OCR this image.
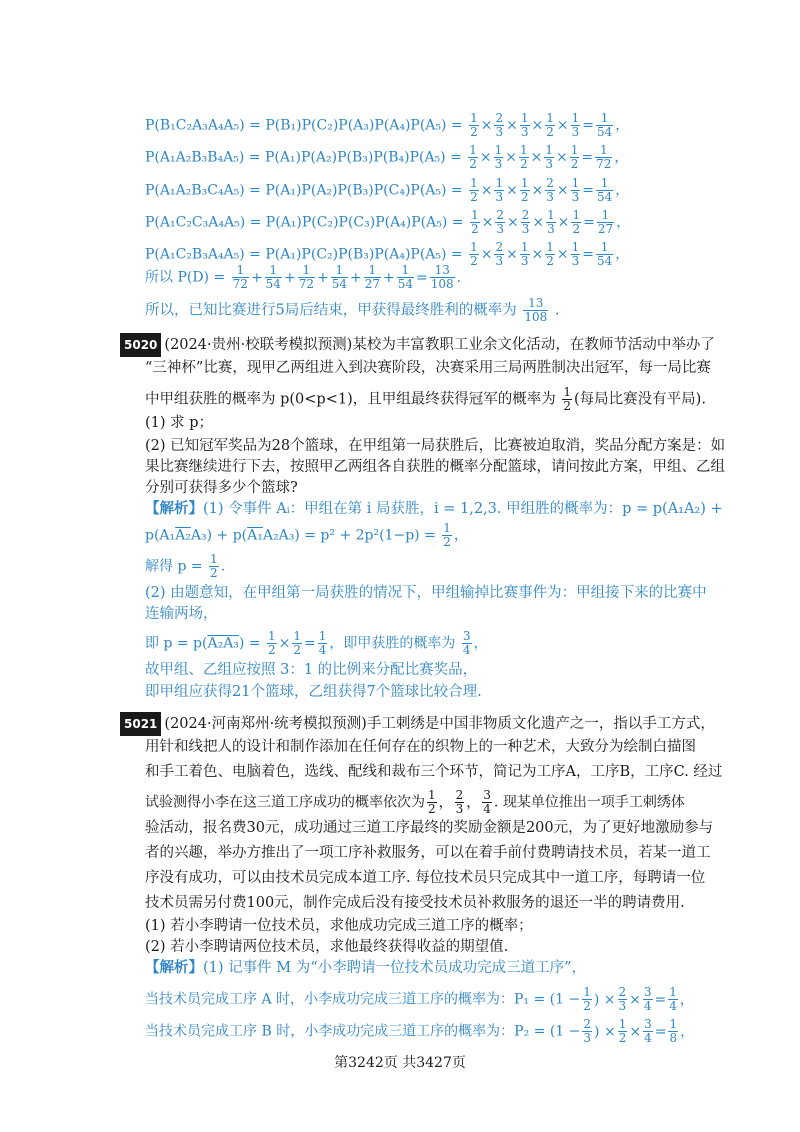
$P(B_1C_2A_3A_4A_5) = P(B_1)P(C_2)P(A_3)P(A_4)P(A_5) = \frac{1}{2} \times \frac{2}{3} \times \frac{1}{3} \times \frac{1}{2} \times \frac{1}{3} = \frac{1}{54}$ ，
$P(A_1A_2B_3B_4A_5) = P(A_1)P(A_2)P(B_3)P(B_4)P(A_5) = \frac{1}{2} \times \frac{1}{3} \times \frac{1}{2} \times \frac{1}{3} \times \frac{1}{2} = \frac{1}{72}$ ，
$P(A_1A_2B_3C_4A_5) = P(A_1)P(A_2)P(B_3)P(C_4)P(A_5) = \frac{1}{2} \times \frac{1}{3} \times \frac{1}{2} \times \frac{2}{3} \times \frac{1}{3} = \frac{1}{54}$ ，
$P(A_1C_2C_3A_4A_5) = P(A_1)P(C_2)P(C_3)P(A_4)P(A_5) = \frac{1}{2} \times \frac{2}{3} \times \frac{2}{3} \times \frac{1}{3} \times \frac{1}{2} = \frac{1}{27}$ ，
$P(A_1C_2B_3A_4A_5) = P(A_1)P(C_2)P(B_3)P(A_4)P(A_5) = \frac{1}{2} \times \frac{2}{3} \times \frac{1}{3} \times \frac{1}{2} \times \frac{1}{3} = \frac{1}{54}$ ，
所以 $P(D) = \frac{1}{72} + \frac{1}{54} + \frac{1}{72} + \frac{1}{54} + \frac{1}{27} + \frac{1}{54} = \frac{13}{108}$ .
所以，已知比赛进行5局后结束，甲获得最终胜利的概率为 $\frac{13}{108}$ .
5020 (2024·贵州·校联考模拟预测)某校为丰富教职工业余文化活动，在教师节活动中举办了
“三神杯”比赛，现甲乙两组进入到决赛阶段，决赛采用三局两胜制决出冠军，每一局比赛
中甲组获胜的概率为 p(0<p<1)，且甲组最终获得冠军的概率为 $\frac{1}{2}$ (每局比赛没有平局).
(1) 求 p；
(2) 已知冠军奖品为28个篮球，在甲组第一局获胜后，比赛被迫取消，奖品分配方案是：如
果比赛继续进行下去，按照甲乙两组各自获胜的概率分配篮球，请问按此方案，甲组、乙组
分别可获得多少个篮球?
【解析】(1) 令事件 Aᵢ：甲组在第 i 局获胜，i = 1,2,3. 甲组胜的概率为：p = p(A₁A₂) +
$p(A_1A_2A_3) + p(A_1A_2A_3) = p^2 + 2p^2(1-p) = \frac{1}{2}$ ，
解得 $p = \frac{1}{2}$ .
(2) 由题意知，在甲组第一局获胜的情况下，甲组输掉比赛事件为：甲组接下来的比赛中
连输两场，
即 $p = p(A_2A_3) = \frac{1}{2} \times \frac{1}{2} = \frac{1}{4}$ ，即甲获胜的概率为 $\frac{3}{4}$ ，
故甲组、乙组应按照 3：1 的比例来分配比赛奖品，
即甲组应获得21个篮球，乙组获得7个篮球比较合理.
5021 (2024·河南郑州·统考模拟预测)手工刺绣是中国非物质文化遗产之一，指以手工方式，
用针和线把人的设计和制作添加在任何存在的织物上的一种艺术，大致分为绘制白描图
和手工着色、电脑着色，选线、配线和裁布三个环节，简记为工序A，工序B，工序C. 经过
试验测得小李在这三道工序成功的概率依次为 $\frac{1}{2}$ ， $\frac{2}{3}$ ， $\frac{3}{4}$ . 现某单位推出一项手工刺绣体
验活动，报名费30元，成功通过三道工序最终的奖励金额是200元，为了更好地激励参与
者的兴趣，举办方推出了一项工序补救服务，可以在着手前付费聘请技术员，若某一道工
序没有成功，可以由技术员完成本道工序. 每位技术员只完成其中一道工序，每聘请一位
技术员需另付费100元，制作完成后没有接受技术员补救服务的退还一半的聘请费用.
(1) 若小李聘请一位技术员，求他成功完成三道工序的概率；
(2) 若小李聘请两位技术员，求他最终获得收益的期望值.
【解析】(1) 记事件 M 为“小李聘请一位技术员成功完成三道工序”，
当技术员完成工序 A 时，小李成功完成三道工序的概率为：$P_1 = (1 - \frac{1}{2}$ ) × $\frac{2}{3} \times \frac{3}{4} = \frac{1}{4}$ ，
当技术员完成工序 B 时，小李成功完成三道工序的概率为：$P_2 = (1 - \frac{2}{3}$ ) × $\frac{1}{2} \times \frac{3}{4} = \frac{1}{8}$ ，
第3242页 共3427页
